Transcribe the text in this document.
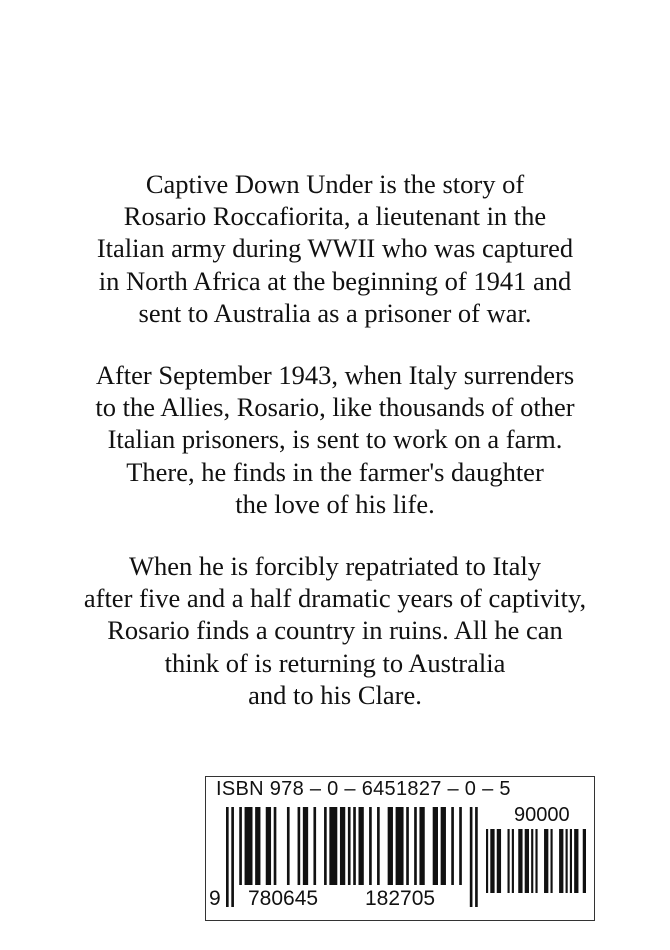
Captive Down Under is the story of
Rosario Roccafiorita, a lieutenant in the
Italian army during WWII who was captured
in North Africa at the beginning of 1941 and
sent to Australia as a prisoner of war.

After September 1943, when Italy surrenders
to the Allies, Rosario, like thousands of other
Italian prisoners, is sent to work on a farm.
There, he finds in the farmer's daughter
the love of his life.

When he is forcibly repatriated to Italy
after five and a half dramatic years of captivity,
Rosario finds a country in ruins. All he can
think of is returning to Australia
and to his Clare.

ISBN 978 – 0 – 6451827 – 0 – 5
90000
9 780645 182705
